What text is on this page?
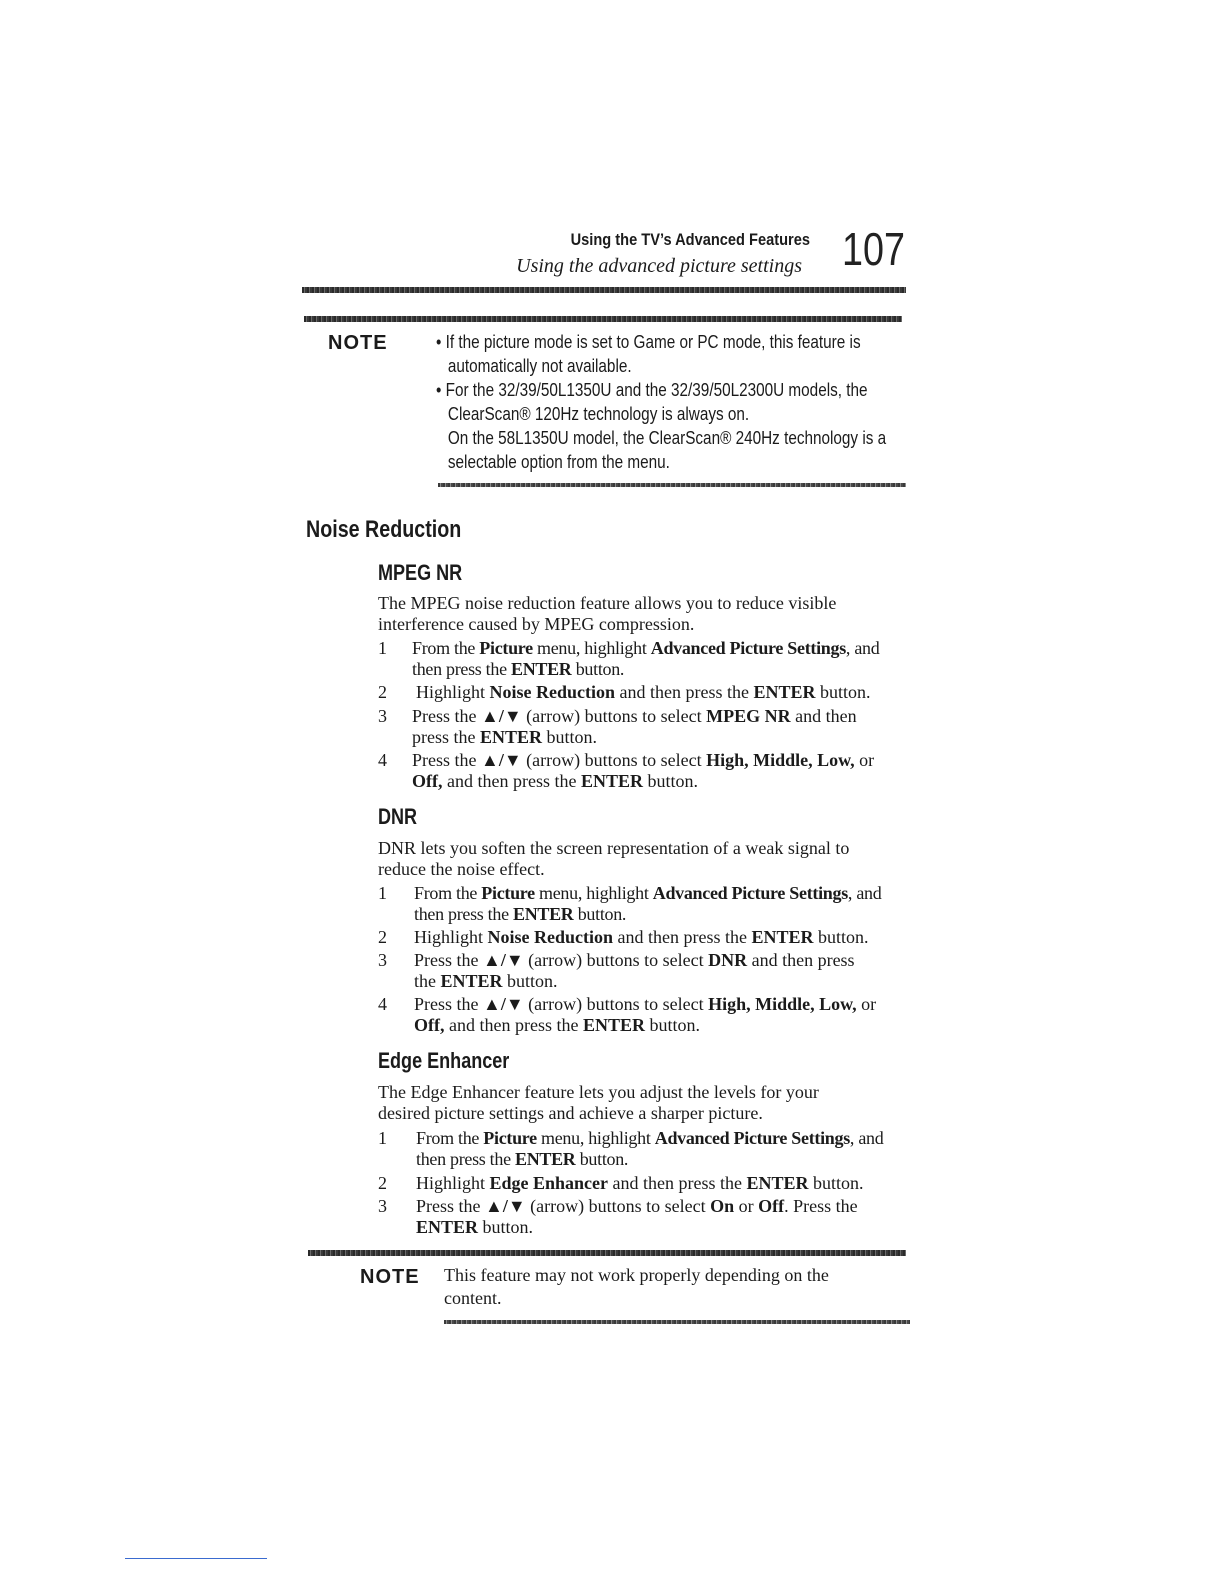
Using the TV’s Advanced Features
Using the advanced picture settings 107
NOTE	• If the picture mode is set to Game or PC mode, this feature is

automatically not available.

• For the 32/39/50L1350U and the 32/39/50L2300U models, the

ClearScan® 120Hz technology is always on.

On the 58L1350U model, the ClearScan® 240Hz technology is a

selectable option from the menu.

Noise Reduction
MPEG NR
The MPEG noise reduction feature allows you to reduce visible
interference caused by MPEG compression.
1	From the Picture menu, highlight Advanced Picture Settings, and
then press the ENTER button.
2	Highlight Noise Reduction and then press the ENTER button.
3	Press the ▲/▼ (arrow) buttons to select MPEG NR and then
press the ENTER button.
4	Press the ▲/▼ (arrow) buttons to select High, Middle, Low, or
Off, and then press the ENTER button.
DNR
DNR lets you soften the screen representation of a weak signal to
reduce the noise effect.
1	From the Picture menu, highlight Advanced Picture Settings, and
then press the ENTER button.
2	Highlight Noise Reduction and then press the ENTER button.
3	Press the ▲/▼ (arrow) buttons to select DNR and then press
the ENTER button.
4	Press the ▲/▼ (arrow) buttons to select High, Middle, Low, or
Off, and then press the ENTER button.
Edge Enhancer
The Edge Enhancer feature lets you adjust the levels for your
desired picture settings and achieve a sharper picture.
1	From the Picture menu, highlight Advanced Picture Settings, and
then press the ENTER button.
2	Highlight Edge Enhancer and then press the ENTER button.
3	Press the ▲/▼ (arrow) buttons to select On or Off. Press the
ENTER button.
NOTE This feature may not work properly depending on the
content.
